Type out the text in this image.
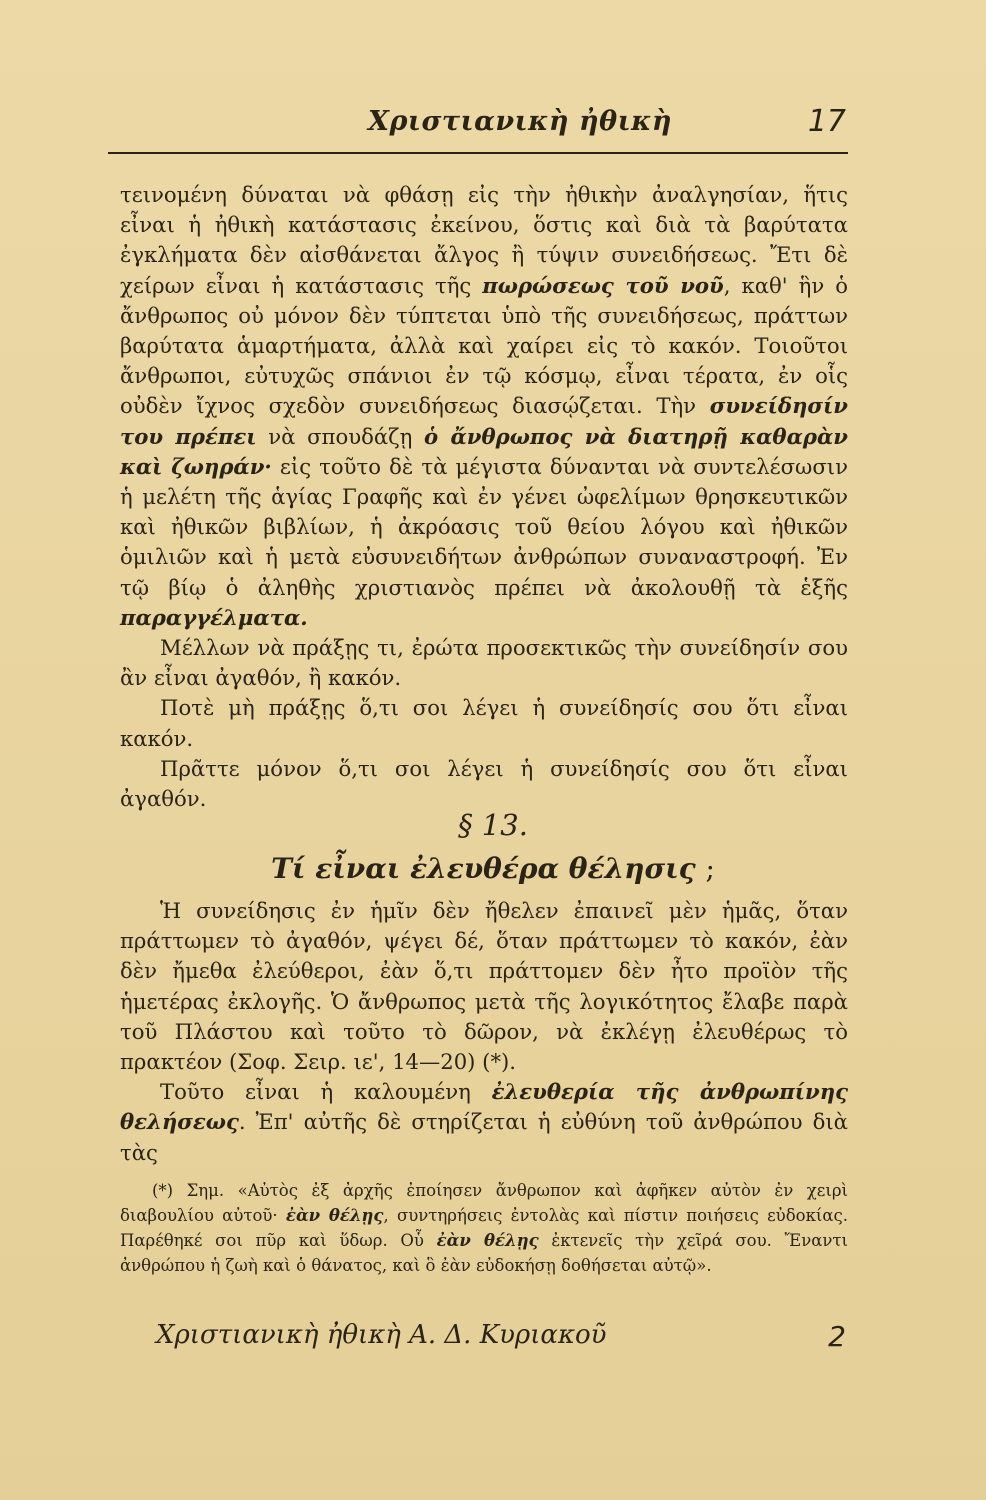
Χριστιανικὴ ἠθικὴ	17

τεινομένη δύναται νὰ φθάσῃ εἰς τὴν ἠθικὴν ἀναλγησίαν, ἥτις εἶναι ἡ ἠθικὴ κατάστασις ἐκείνου, ὅστις καὶ διὰ τὰ βαρύτατα ἐγκλήματα δὲν αἰσθάνεται ἄλγος ἢ τύψιν συνειδήσεως. Ἔτι δὲ χείρων εἶναι ἡ κατάστασις τῆς πωρώσεως τοῦ νοῦ, καθ' ἣν ὁ ἄνθρωπος οὐ μόνον δὲν τύπτεται ὑπὸ τῆς συνειδήσεως, πράττων βαρύτατα ἁμαρτήματα, ἀλλὰ καὶ χαίρει εἰς τὸ κακόν. Τοιοῦτοι ἄνθρωποι, εὐτυχῶς σπάνιοι ἐν τῷ κόσμῳ, εἶναι τέρατα, ἐν οἷς οὐδὲν ἴχνος σχεδὸν συνειδήσεως διασῴζεται. Τὴν συνείδησίν του πρέπει νὰ σπουδάζῃ ὁ ἄνθρωπος νὰ διατηρῇ καθαρὰν καὶ ζωηράν· εἰς τοῦτο δὲ τὰ μέγιστα δύνανται νὰ συντελέσωσιν ἡ μελέτη τῆς ἁγίας Γραφῆς καὶ ἐν γένει ὠφελίμων θρησκευτικῶν καὶ ἠθικῶν βιβλίων, ἡ ἀκρόασις τοῦ θείου λόγου καὶ ἠθικῶν ὁμιλιῶν καὶ ἡ μετὰ εὐσυνειδήτων ἀνθρώπων συναναστροφή. Ἐν τῷ βίῳ ὁ ἀληθὴς χριστιανὸς πρέπει νὰ ἀκολουθῇ τὰ ἑξῆς παραγγέλματα.

Μέλλων νὰ πράξῃς τι, ἐρώτα προσεκτικῶς τὴν συνείδησίν σου ἂν εἶναι ἀγαθόν, ἢ κακόν.

Ποτὲ μὴ πράξῃς ὅ,τι σοι λέγει ἡ συνείδησίς σου ὅτι εἶναι κακόν.

Πρᾶττε μόνον ὅ,τι σοι λέγει ἡ συνείδησίς σου ὅτι εἶναι ἀγαθόν.

§ 13.
Τί εἶναι ἐλευθέρα θέλησις ;

Ἡ συνείδησις ἐν ἡμῖν δὲν ἤθελεν ἐπαινεῖ μὲν ἡμᾶς, ὅταν πράττωμεν τὸ ἀγαθόν, ψέγει δέ, ὅταν πράττωμεν τὸ κακόν, ἐὰν δὲν ἤμεθα ἐλεύθεροι, ἐὰν ὅ,τι πράττομεν δὲν ἦτο προϊὸν τῆς ἡμετέρας ἐκλογῆς. Ὁ ἄνθρωπος μετὰ τῆς λογικότητος ἔλαβε παρὰ τοῦ Πλάστου καὶ τοῦτο τὸ δῶρον, νὰ ἐκλέγῃ ἐλευθέρως τὸ πρακτέον (Σοφ. Σειρ. ιε', 14—20) (*).

Τοῦτο εἶναι ἡ καλουμένη ἐλευθερία τῆς ἀνθρωπίνης θελήσεως. Ἐπ' αὐτῆς δὲ στηρίζεται ἡ εὐθύνη τοῦ ἀνθρώπου διὰ τὰς

(*) Σημ. «Αὐτὸς ἐξ ἀρχῆς ἐποίησεν ἄνθρωπον καὶ ἀφῆκεν αὐτὸν ἐν χειρὶ διαβουλίου αὐτοῦ· ἐὰν θέλῃς, συντηρήσεις ἐντολὰς καὶ πίστιν ποιήσεις εὐδοκίας. Παρέθηκέ σοι πῦρ καὶ ὕδωρ. Οὗ ἐὰν θέλῃς ἐκτενεῖς τὴν χεῖρά σου. Ἔναντι ἀνθρώπου ἡ ζωὴ καὶ ὁ θάνατος, καὶ ὃ ἐὰν εὐδοκήσῃ δοθήσεται αὐτῷ».

Χριστιανικὴ ἠθικὴ Α. Δ. Κυριακοῦ	2
